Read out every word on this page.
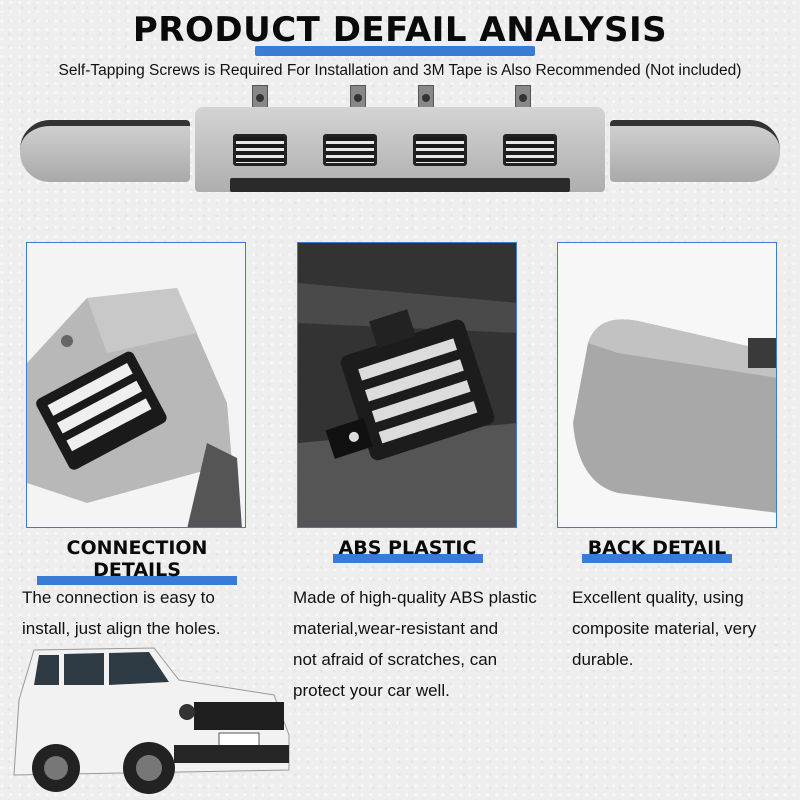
PRODUCT DEFAIL ANALYSIS
Self-Tapping Screws is Required For Installation and 3M Tape is Also Recommended (Not included)
CONNECTION DETAILS
ABS PLASTIC	BACK DETAIL
The connection is easy to
install, just align the holes.
Made of high-quality ABS plastic
material,wear-resistant and
not afraid of scratches, can
protect your car well.
Excellent quality, using
composite material, very
durable.
